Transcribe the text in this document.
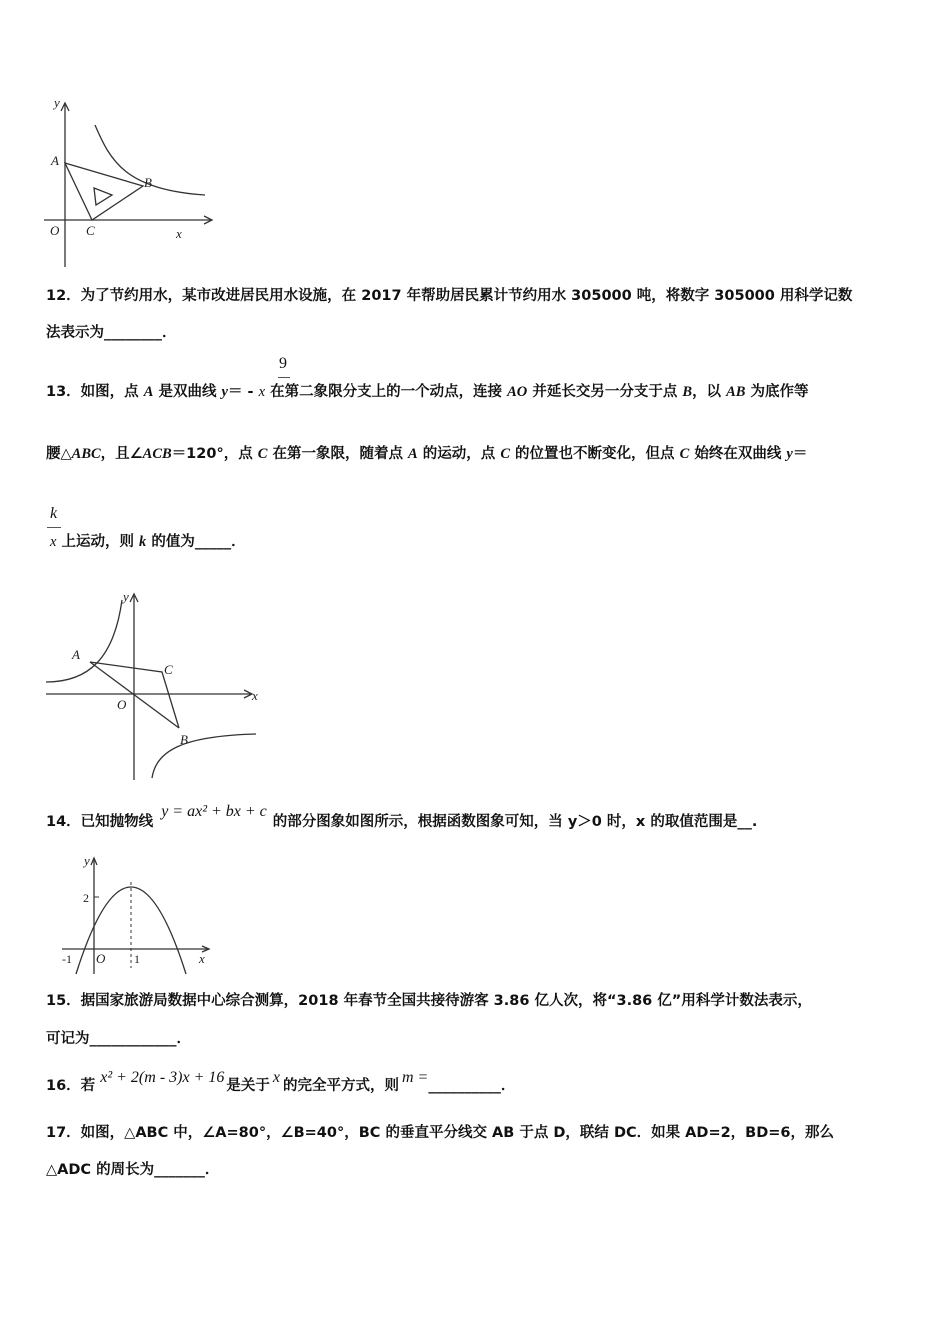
y
A
B
O C	x
12．为了节约用水，某市改进居民用水设施，在 2017 年帮助居民累计节约用水 305000 吨，将数字 305000 用科学记数
法表示为________．
9
13．如图，点 A 是双曲线 y＝ - x 在第二象限分支上的一个动点，连接 AO 并延长交另一分支于点 B，以 AB 为底作等
腰△ABC，且∠ACB＝120°，点 C 在第一象限，随着点 A 的运动，点 C 的位置也不断变化，但点 C 始终在双曲线 y＝
k
x 上运动，则 k 的值为_____．
y
A
C
x
O
B
14．已知抛物线y = ax² + bx + c的部分图象如图所示，根据函数图象可知，当 y＞0 时，x 的取值范围是__.
y
2
-1 O 1	x
15．据国家旅游局数据中心综合测算，2018 年春节全国共接待游客 3.86 亿人次，将“3.86 亿”用科学计数法表示，
可记为____________．
16．若 x² + 2(m - 3)x + 16 是关于 x 的完全平方式，则 m =__________．
17．如图，△ABC 中，∠A=80°，∠B=40°，BC 的垂直平分线交 AB 于点 D，联结 DC．如果 AD=2，BD=6，那么
△ADC 的周长为_______．
